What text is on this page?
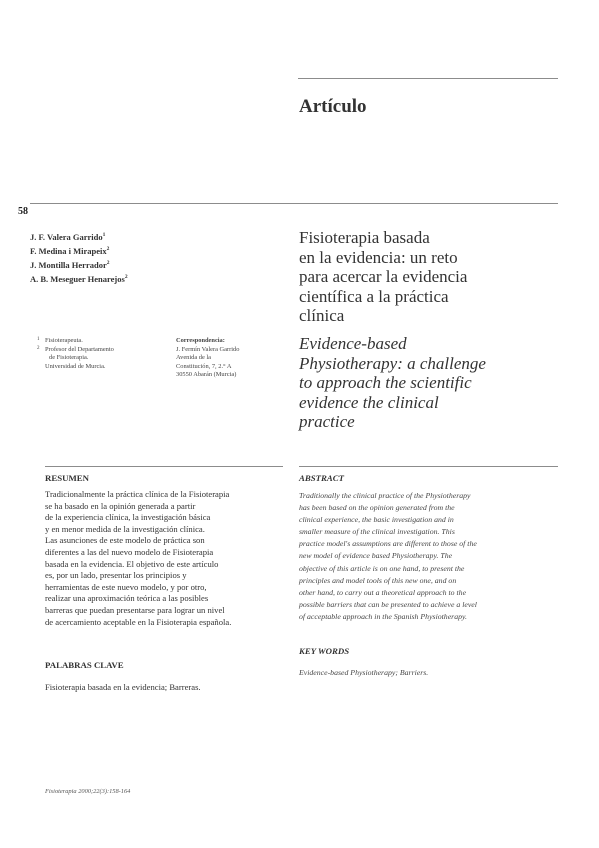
Artículo
58
J. F. Valera Garrido$^1$
F. Medina i Mirapeix$^2$
J. Montilla Herrador$^2$
A. B. Meseguer Henarejos$^2$
1 Fisioterapeuta.
2 Profesor del Departamento
de Fisioterapia.
Universidad de Murcia.
Correspondencia:
J. Fermín Valera Garrido
Avenida de la
Constitución, 7, 2.° A
30550 Abarán (Murcia)
Fisioterapia basada
en la evidencia: un reto
para acercar la evidencia
científica a la práctica
clínica
Evidence-based
Physiotherapy: a challenge
to approach the scientific
evidence the clinical
practice
RESUMEN	ABSTRACT
Tradicionalmente la práctica clínica de la Fisioterapia
se ha basado en la opinión generada a partir
de la experiencia clínica, la investigación básica
y en menor medida de la investigación clínica.
Las asunciones de este modelo de práctica son
diferentes a las del nuevo modelo de Fisioterapia
basada en la evidencia. El objetivo de este artículo
es, por un lado, presentar los principios y
herramientas de este nuevo modelo, y por otro,
realizar una aproximación teórica a las posibles
barreras que puedan presentarse para lograr un nivel
de acercamiento aceptable en la Fisioterapia española.
Traditionally the clinical practice of the Physiotherapy
has been based on the opinion generated from the
clinical experience, the basic investigation and in
smaller measure of the clinical investigation. This
practice model's assumptions are different to those of the
new model of evidence based Physiotherapy. The
objective of this article is on one hand, to present the
principles and model tools of this new one, and on
other hand, to carry out a theoretical approach to the
possible barriers that can be presented to achieve a level
of acceptable approach in the Spanish Physiotherapy.
PALABRAS CLAVE
Fisioterapia basada en la evidencia; Barreras.
KEY WORDS
Evidence-based Physiotherapy; Barriers.
Fisioterapia 2000;22(3):158-164
